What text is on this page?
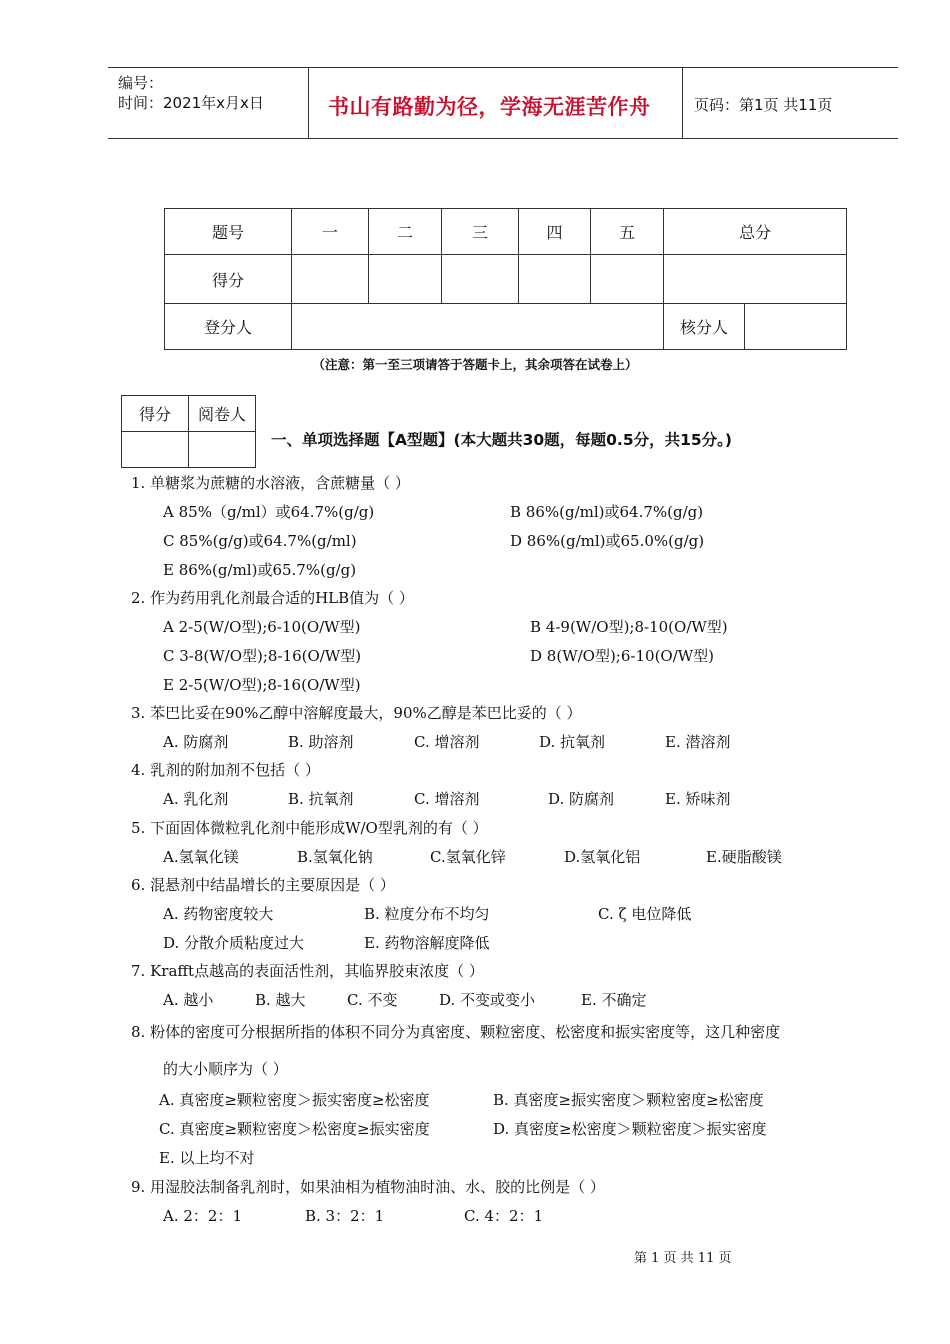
编号：
时间：2021年x月x日	书山有路勤为径，学海无涯苦作舟	页码：第1页 共11页
题号	一	二	三	四	五	总分	
得分							
登分人						核分人	
（注意：第一至三项请答于答题卡上，其余项答在试卷上）
得分	阅卷人

一、单项选择题【A型题】(本大题共30题，每题0.5分，共15分。)
1. 单糖浆为蔗糖的水溶液，含蔗糖量（ ）
A 85%（g/ml）或64.7%(g/g)	B 86%(g/ml)或64.7%(g/g)
C 85%(g/g)或64.7%(g/ml)	D 86%(g/ml)或65.0%(g/g)
E 86%(g/ml)或65.7%(g/g)
2. 作为药用乳化剂最合适的HLB值为（ ）
A 2-5(W/O型);6-10(O/W型)	B 4-9(W/O型);8-10(O/W型)
C 3-8(W/O型);8-16(O/W型)	D 8(W/O型);6-10(O/W型)
E 2-5(W/O型);8-16(O/W型)
3. 苯巴比妥在90%乙醇中溶解度最大，90%乙醇是苯巴比妥的（ ）
A. 防腐剂	B. 助溶剂	C. 增溶剂	D. 抗氧剂	E. 潜溶剂
4. 乳剂的附加剂不包括（ ）
A. 乳化剂	B. 抗氧剂	C. 增溶剂	D. 防腐剂	E. 矫味剂
5. 下面固体微粒乳化剂中能形成W/O型乳剂的有（ ）
A.氢氧化镁	B.氢氧化钠	C.氢氧化锌	D.氢氧化铝	E.硬脂酸镁
6. 混悬剂中结晶增长的主要原因是（ ）
A. 药物密度较大	B. 粒度分布不均匀	C. ζ 电位降低
D. 分散介质粘度过大	E. 药物溶解度降低
7. Krafft点越高的表面活性剂，其临界胶束浓度（ ）
A. 越小	B. 越大	C. 不变	D. 不变或变小	E. 不确定
8. 粉体的密度可分根据所指的体积不同分为真密度、颗粒密度、松密度和振实密度等，这几种密度
的大小顺序为（ ）
A. 真密度≥颗粒密度＞振实密度≥松密度	B. 真密度≥振实密度＞颗粒密度≥松密度
C. 真密度≥颗粒密度＞松密度≥振实密度	D. 真密度≥松密度＞颗粒密度＞振实密度
E. 以上均不对
9. 用湿胶法制备乳剂时，如果油相为植物油时油、水、胶的比例是（ ）
A. 2：2：1	B. 3：2：1	C. 4：2：1
第 1 页 共 11 页
